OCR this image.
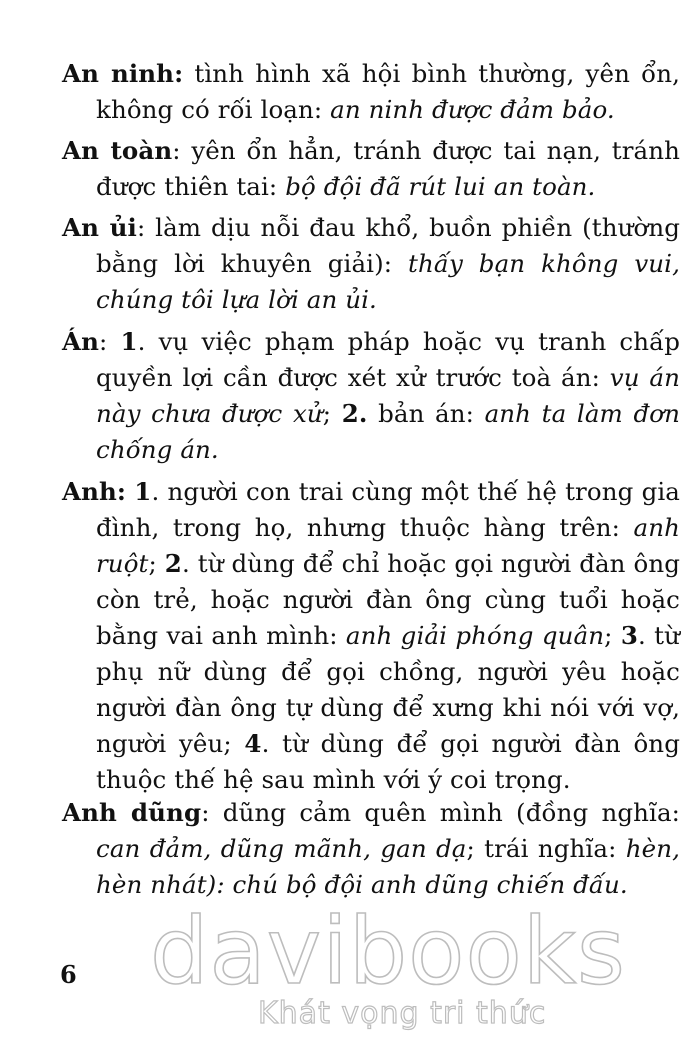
An ninh: tình hình xã hội bình thường, yên ổn, không có rối loạn: an ninh được đảm bảo.

An toàn: yên ổn hẳn, tránh được tai nạn, tránh được thiên tai: bộ đội đã rút lui an toàn.

An ủi: làm dịu nỗi đau khổ, buồn phiền (thường bằng lời khuyên giải): thấy bạn không vui, chúng tôi lựa lời an ủi.

Án: 1. vụ việc phạm pháp hoặc vụ tranh chấp quyền lợi cần được xét xử trước toà án: vụ án này chưa được xử; 2. bản án: anh ta làm đơn chống án.

Anh: 1. người con trai cùng một thế hệ trong gia đình, trong họ, nhưng thuộc hàng trên: anh ruột; 2. từ dùng để chỉ hoặc gọi người đàn ông còn trẻ, hoặc người đàn ông cùng tuổi hoặc bằng vai anh mình: anh giải phóng quân; 3. từ phụ nữ dùng để gọi chồng, người yêu hoặc người đàn ông tự dùng để xưng khi nói với vợ, người yêu; 4. từ dùng để gọi người đàn ông thuộc thế hệ sau mình với ý coi trọng.

Anh dũng: dũng cảm quên mình (đồng nghĩa: can đảm, dũng mãnh, gan dạ; trái nghĩa: hèn, hèn nhát): chú bộ đội anh dũng chiến đấu.

davibooks
Khát vọng tri thức
6
